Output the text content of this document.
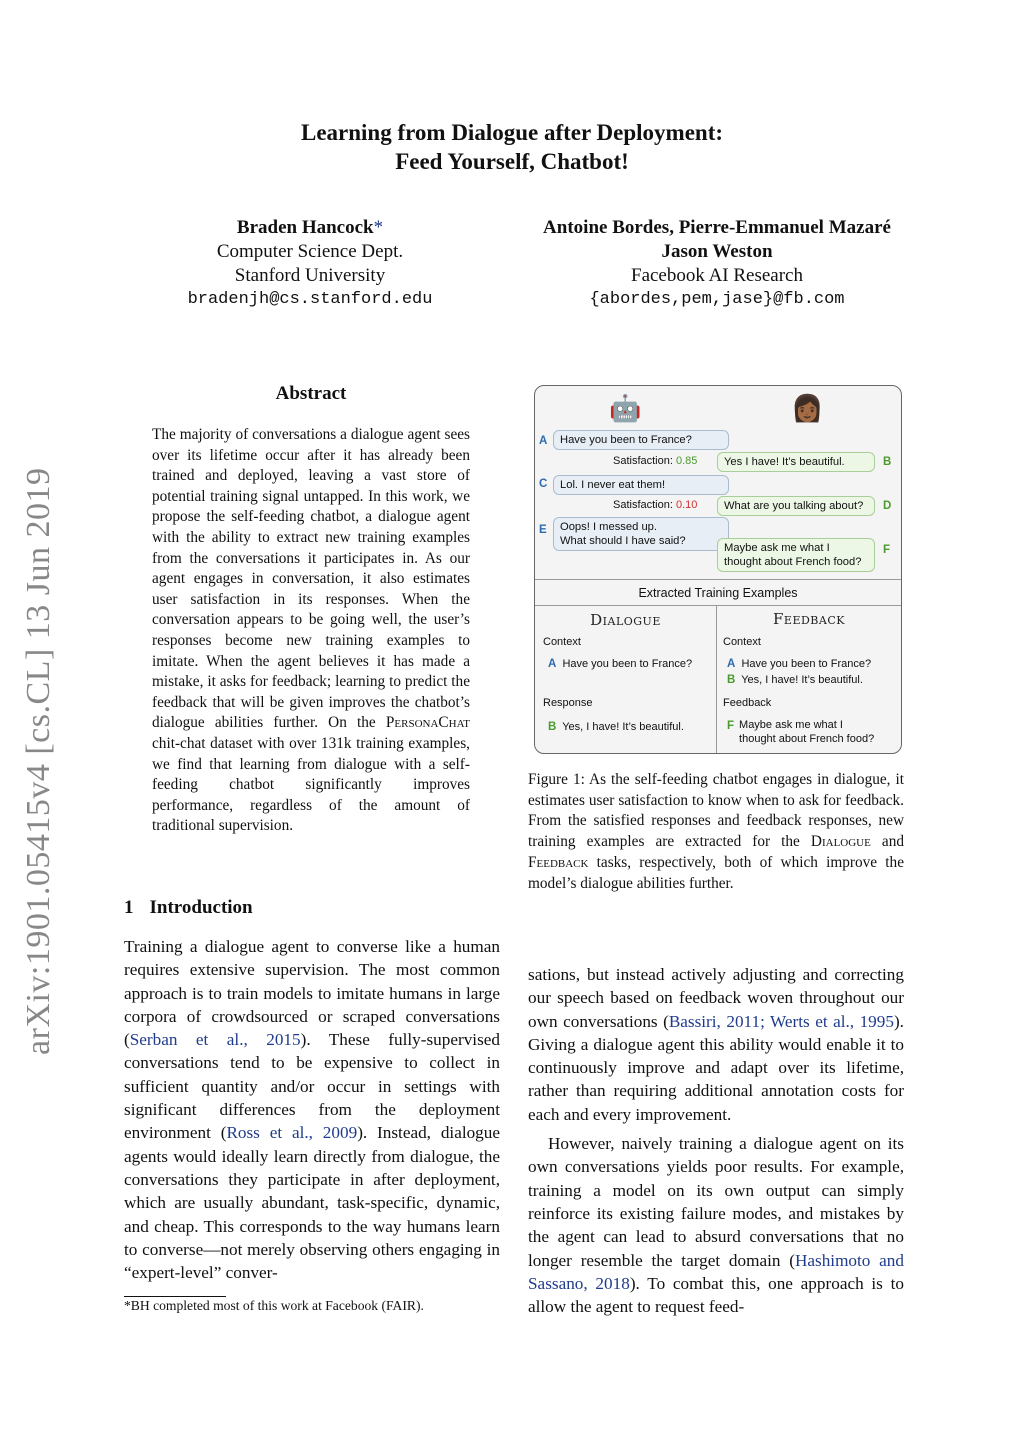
Learning from Dialogue after Deployment:
Feed Yourself, Chatbot!
Braden Hancock*
Computer Science Dept.
Stanford University
bradenjh@cs.stanford.edu
Antoine Bordes, Pierre-Emmanuel Mazaré
Jason Weston
Facebook AI Research
{abordes,pem,jase}@fb.com
arXiv:1901.05415v4 [cs.CL] 13 Jun 2019
Abstract
The majority of conversations a dialogue agent sees over its lifetime occur after it has already been trained and deployed, leaving a vast store of potential training signal untapped. In this work, we propose the self-feeding chatbot, a dialogue agent with the ability to extract new training examples from the conversations it participates in. As our agent engages in conversation, it also estimates user satisfaction in its responses. When the conversation appears to be going well, the user’s responses become new training examples to imitate. When the agent believes it has made a mistake, it asks for feedback; learning to predict the feedback that will be given improves the chatbot’s dialogue abilities further. On the PersonaChat chit-chat dataset with over 131k training examples, we find that learning from dialogue with a self-feeding chatbot significantly improves performance, regardless of the amount of traditional supervision.
1 Introduction
Training a dialogue agent to converse like a human requires extensive supervision. The most common approach is to train models to imitate humans in large corpora of crowdsourced or scraped conversations (Serban et al., 2015). These fully-supervised conversations tend to be expensive to collect in sufficient quantity and/or occur in settings with significant differences from the deployment environment (Ross et al., 2009). Instead, dialogue agents would ideally learn directly from dialogue, the conversations they participate in after deployment, which are usually abundant, task-specific, dynamic, and cheap. This corresponds to the way humans learn to converse—not merely observing others engaging in “expert-level” conver-
*BH completed most of this work at Facebook (FAIR).
🤖	👩🏾
A	Have you been to France?
Satisfaction: 0.85	Yes I have! It’s beautiful.	B
C	Lol. I never eat them!
Satisfaction: 0.10	What are you talking about?	D
E Oops! I messed up.
What should I have said?
Maybe ask me what I
thought about French food?
F
Extracted Training Examples
Dialogue	Feedback
Context
A Have you been to France?
Response
B Yes, I have! It’s beautiful.
Context
A Have you been to France?
B Yes, I have! It’s beautiful.
Feedback
F Maybe ask me what I
thought about French food?
Figure 1: As the self-feeding chatbot engages in dialogue, it estimates user satisfaction to know when to ask for feedback. From the satisfied responses and feedback responses, new training examples are extracted for the Dialogue and Feedback tasks, respectively, both of which improve the model’s dialogue abilities further.
sations, but instead actively adjusting and correcting our speech based on feedback woven throughout our own conversations (Bassiri, 2011; Werts et al., 1995). Giving a dialogue agent this ability would enable it to continuously improve and adapt over its lifetime, rather than requiring additional annotation costs for each and every improvement.
However, naively training a dialogue agent on its own conversations yields poor results. For example, training a model on its own output can simply reinforce its existing failure modes, and mistakes by the agent can lead to absurd conversations that no longer resemble the target domain (Hashimoto and Sassano, 2018). To combat this, one approach is to allow the agent to request feed-
